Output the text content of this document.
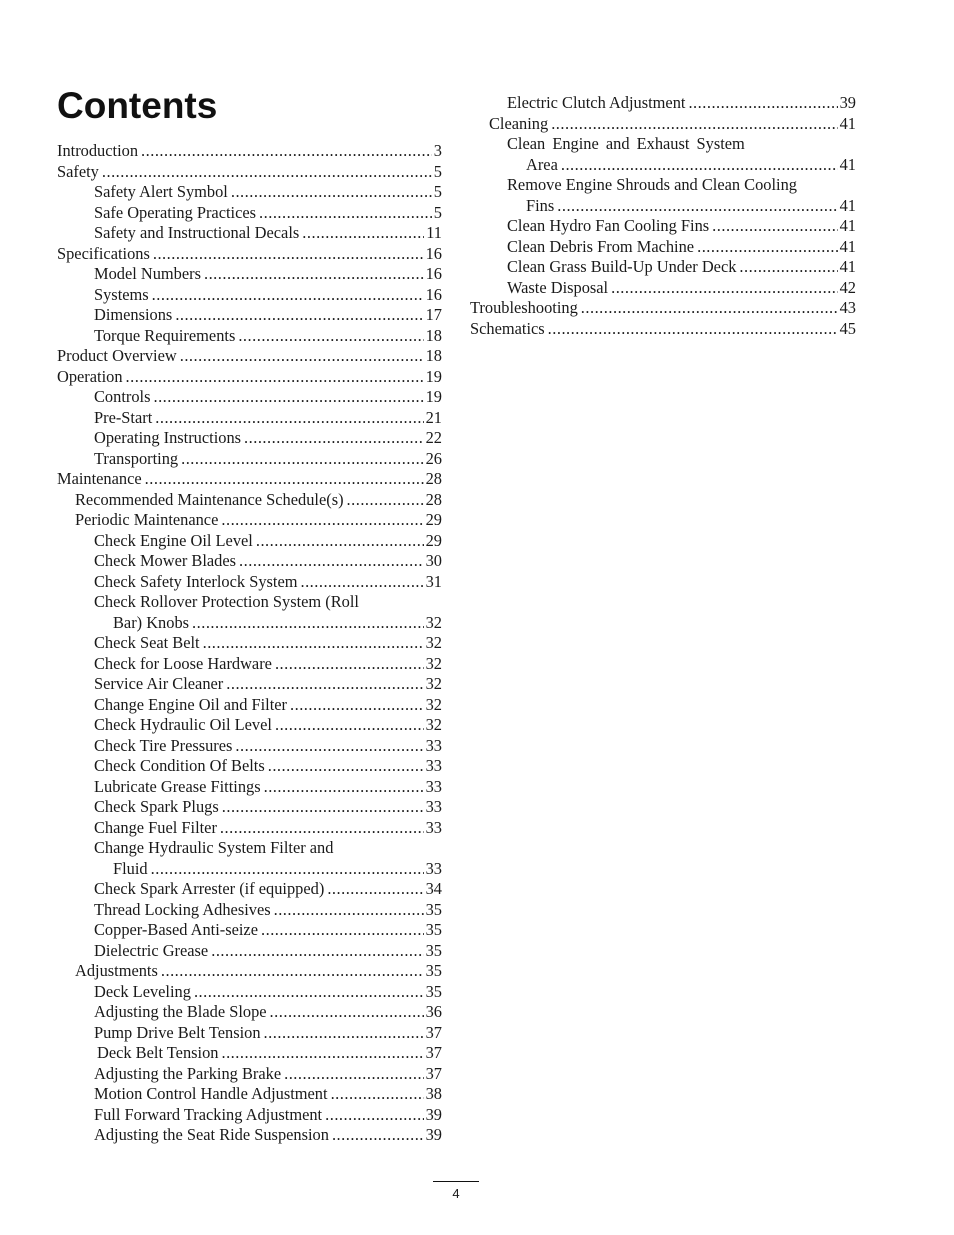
Contents
Introduction .....	3
Safety .....	5
Safety Alert Symbol .....	5
Safe Operating Practices .....	5
Safety and Instructional Decals .....	11
Specifications .....	16
Model Numbers .....	16
Systems .....	16
Dimensions .....	17
Torque Requirements .....	18
Product Overview .....	18
Operation .....	19
Controls .....	19
Pre-Start .....	21
Operating Instructions .....	22
Transporting .....	26
Maintenance .....	28
Recommended Maintenance Schedule(s) .....	28
Periodic Maintenance .....	29
Check Engine Oil Level .....	29
Check Mower Blades .....	30
Check Safety Interlock System .....	31
Check Rollover Protection System (Roll
Bar) Knobs .....	32
Check Seat Belt .....	32
Check for Loose Hardware .....	32
Service Air Cleaner .....	32
Change Engine Oil and Filter .....	32
Check Hydraulic Oil Level .....	32
Check Tire Pressures .....	33
Check Condition Of Belts .....	33
Lubricate Grease Fittings .....	33
Check Spark Plugs .....	33
Change Fuel Filter .....	33
Change Hydraulic System Filter and
Fluid .....	33
Check Spark Arrester (if equipped) .....	34
Thread Locking Adhesives .....	35
Copper-Based Anti-seize .....	35
Dielectric Grease .....	35
Adjustments .....	35
Deck Leveling .....	35
Adjusting the Blade Slope .....	36
Pump Drive Belt Tension .....	37
Deck Belt Tension .....	37
Adjusting the Parking Brake .....	37
Motion Control Handle Adjustment .....	38
Full Forward Tracking Adjustment .....	39
Adjusting the Seat Ride Suspension .....	39
Electric Clutch Adjustment .....	39
Cleaning .....	41
Clean Engine and Exhaust System
Area .....	41
Remove Engine Shrouds and Clean Cooling
Fins .....	41
Clean Hydro Fan Cooling Fins .....	41
Clean Debris From Machine .....	41
Clean Grass Build-Up Under Deck .....	41
Waste Disposal .....	42
Troubleshooting .....	43
Schematics .....	45
4
